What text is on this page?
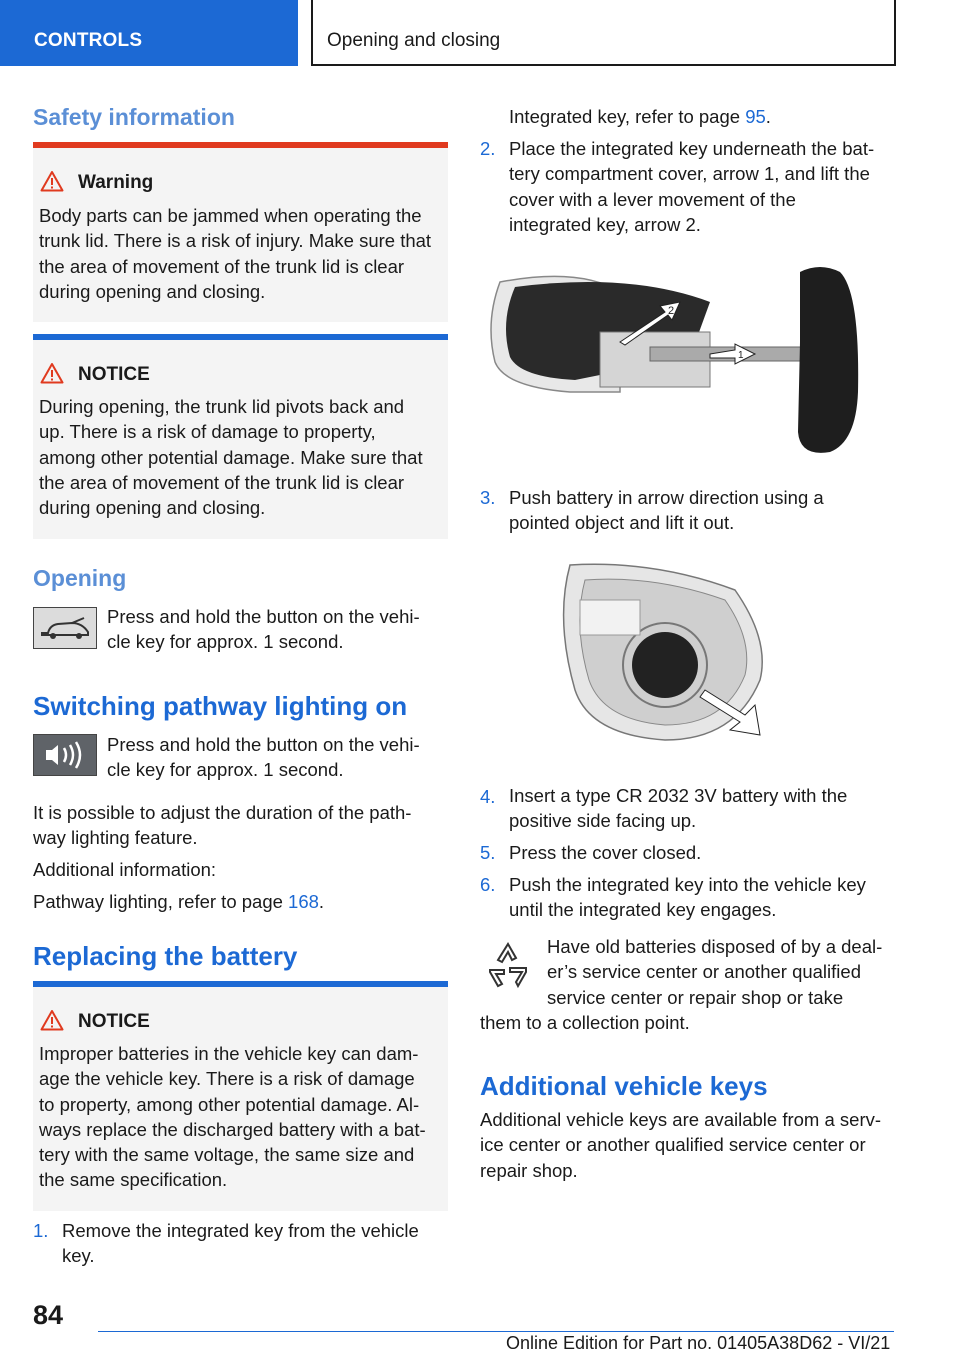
CONTROLS	Opening and closing
Safety information
Warning
Body parts can be jammed when operating the
trunk lid. There is a risk of injury. Make sure that
the area of movement of the trunk lid is clear
during opening and closing.
NOTICE
During opening, the trunk lid pivots back and
up. There is a risk of damage to property,
among other potential damage. Make sure that
the area of movement of the trunk lid is clear
during opening and closing.
Opening
Press and hold the button on the vehi-
cle key for approx. 1 second.
Switching pathway lighting on
Press and hold the button on the vehi-
cle key for approx. 1 second.
It is possible to adjust the duration of the path-
way lighting feature.
Additional information:
Pathway lighting, refer to page 168.
Replacing the battery
NOTICE
Improper batteries in the vehicle key can dam-
age the vehicle key. There is a risk of damage
to property, among other potential damage. Al-
ways replace the discharged battery with a bat-
tery with the same voltage, the same size and
the same specification.
1. Remove the integrated key from the vehicle
key.
Integrated key, refer to page 95.
2. Place the integrated key underneath the bat-
tery compartment cover, arrow 1, and lift the
cover with a lever movement of the
integrated key, arrow 2.
2
1
3. Push battery in arrow direction using a
pointed object and lift it out.
4. Insert a type CR 2032 3V battery with the
positive side facing up.
5. Press the cover closed.
6. Push the integrated key into the vehicle key
until the integrated key engages.
Have old batteries disposed of by a deal-
er’s service center or another qualified
service center or repair shop or take
them to a collection point.
Additional vehicle keys
Additional vehicle keys are available from a serv-
ice center or another qualified service center or
repair shop.
84
Online Edition for Part no. 01405A38D62 - VI/21
